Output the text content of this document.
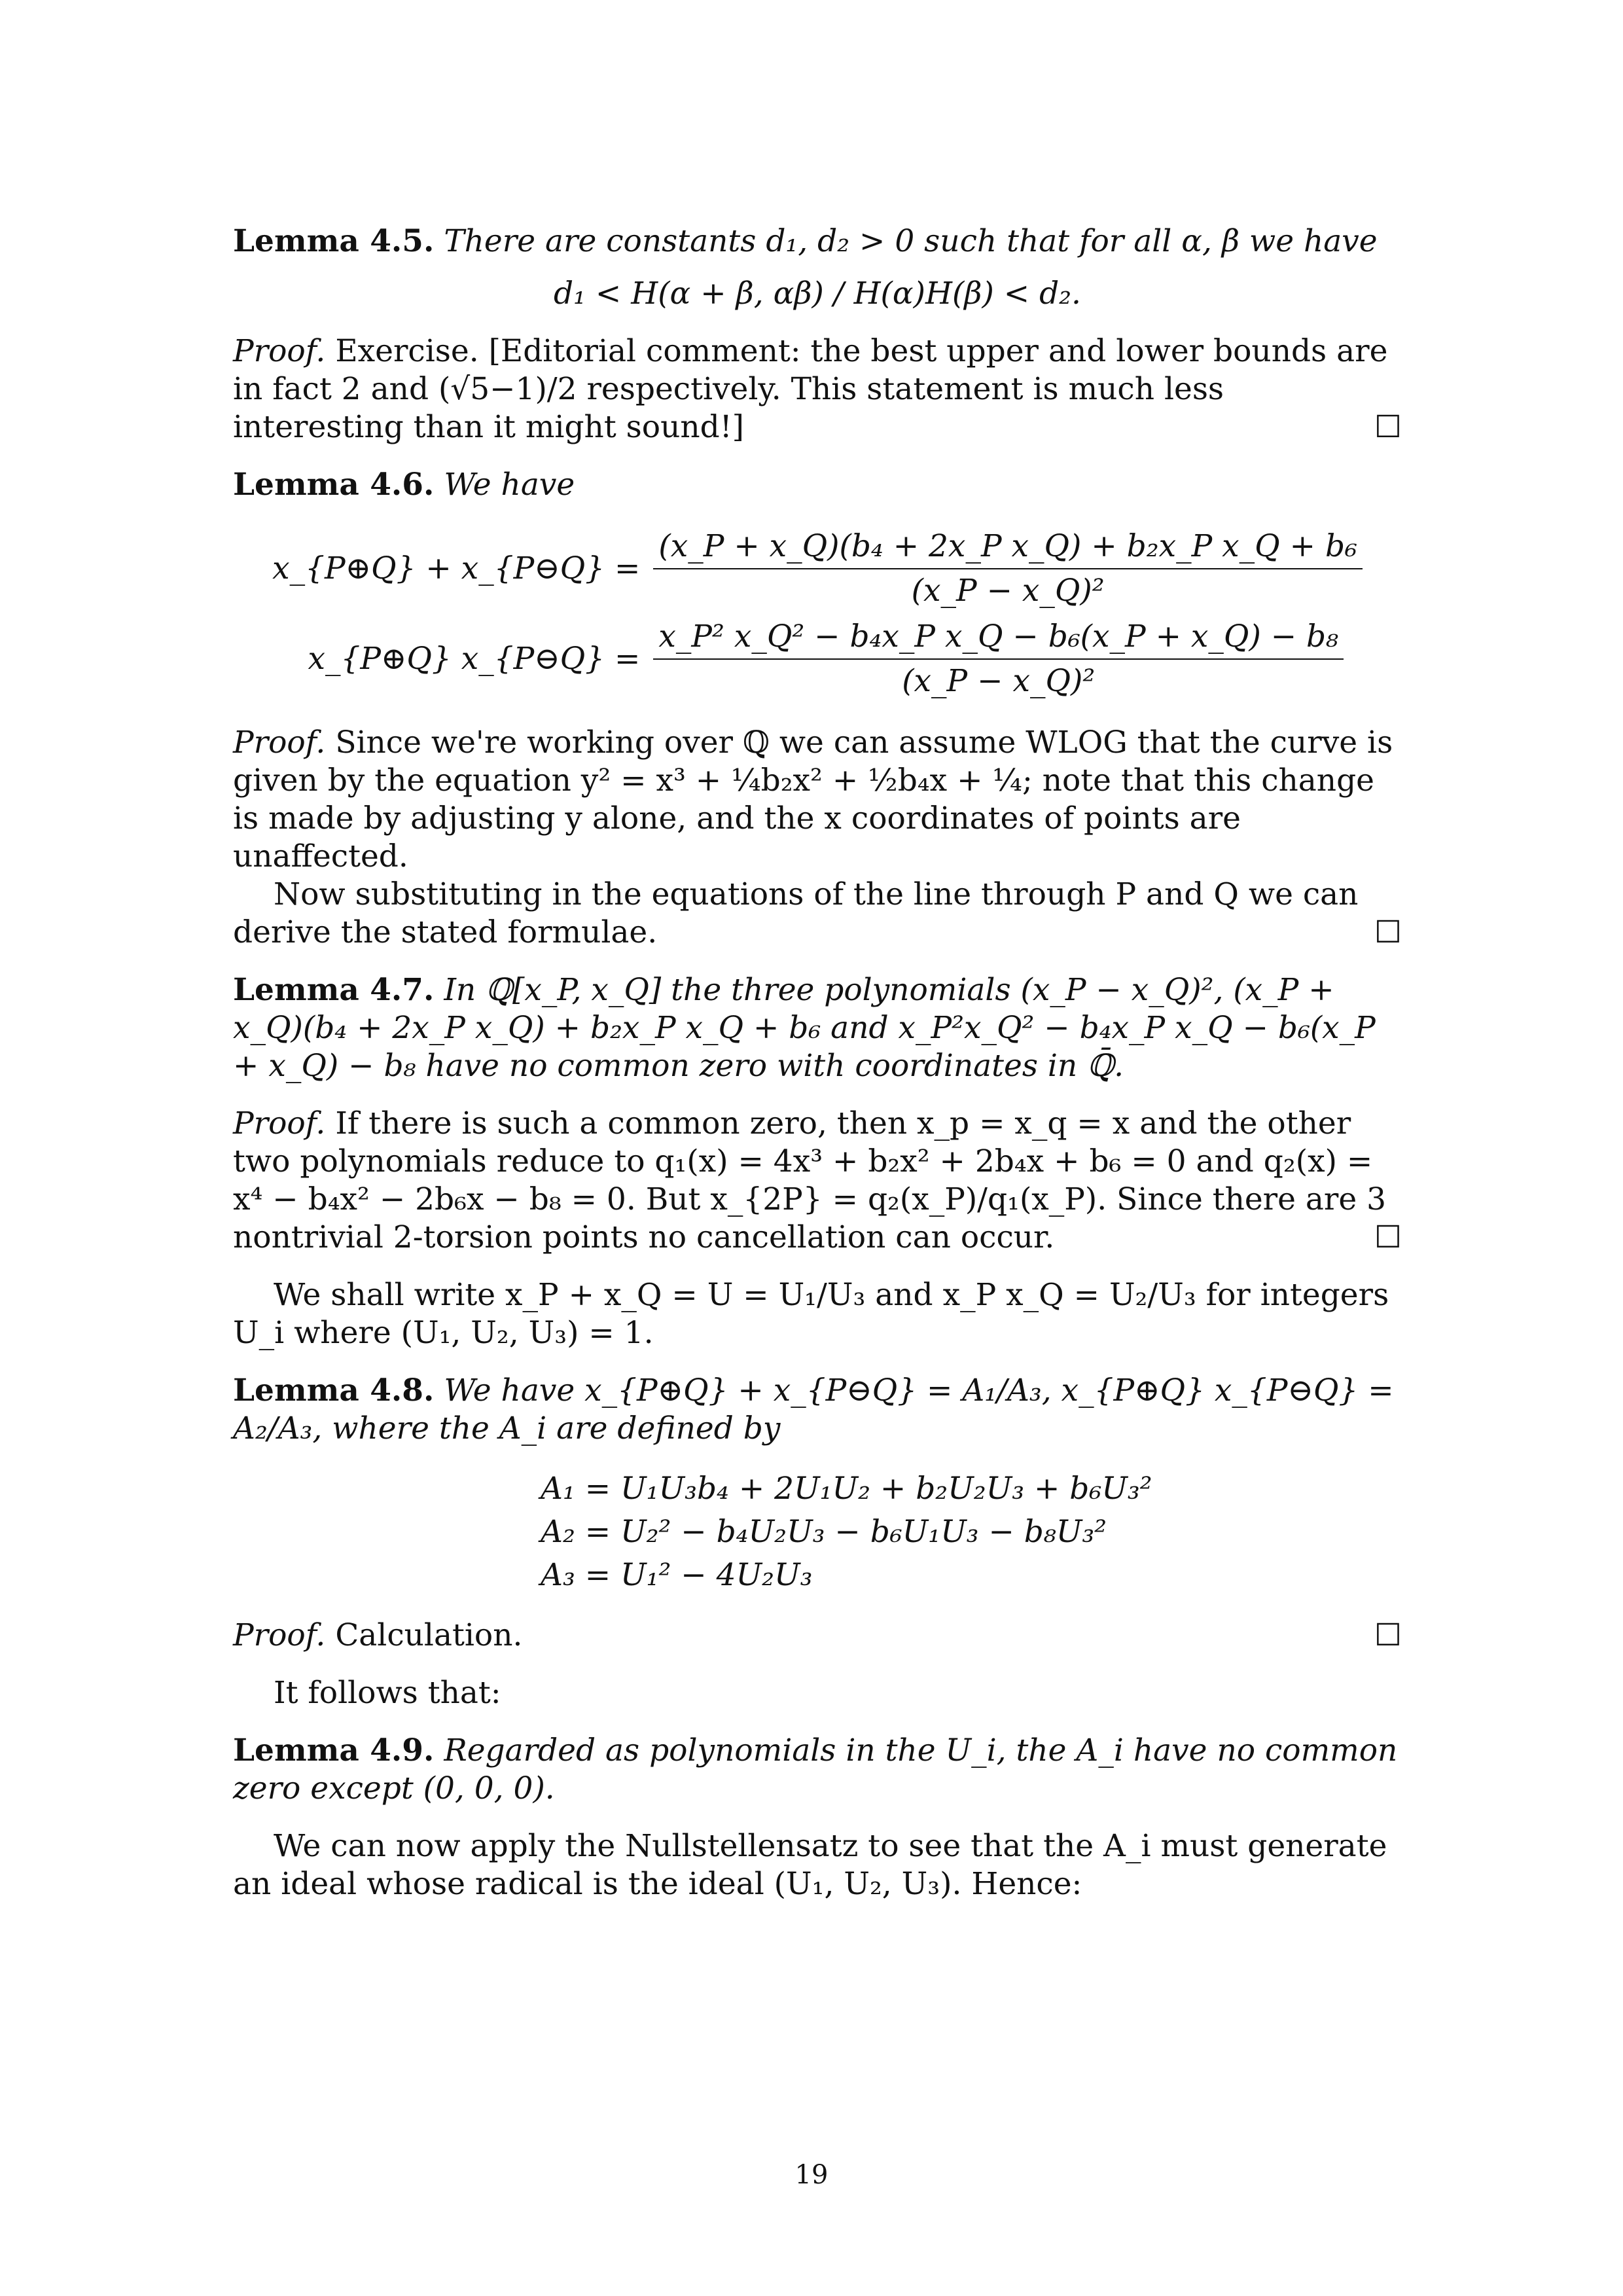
Lemma 4.5. There are constants d₁, d₂ > 0 such that for all α, β we have

d₁ < H(α + β, αβ) / H(α)H(β) < d₂.

Proof. Exercise. [Editorial comment: the best upper and lower bounds are in fact 2 and (√5−1)/2 respectively. This statement is much less interesting than it might sound!]	☐

Lemma 4.6. We have

x_{P⊕Q} + x_{P⊖Q} =	$\frac{\text{(x\_P + x\_Q)(b₄ + 2x\_P x\_Q) + b₂x\_P x\_Q + b₆}}{\text{(x\_P − x\_Q)²}}$

x_{P⊕Q} x_{P⊖Q} =	$\frac{\text{x\_P² x\_Q² − b₄x\_P x\_Q − b₆(x\_P + x\_Q) − b₈}}{\text{(x\_P − x\_Q)²}}$

Proof. Since we're working over ℚ we can assume WLOG that the curve is given by the equation y² = x³ + ¼b₂x² + ½b₄x + ¼; note that this change is made by adjusting y alone, and the x coordinates of points are unaffected.

Now substituting in the equations of the line through P and Q we can derive the stated formulae.	☐

Lemma 4.7. In ℚ[x_P, x_Q] the three polynomials (x_P − x_Q)², (x_P + x_Q)(b₄ + 2x_P x_Q) + b₂x_P x_Q + b₆ and x_P²x_Q² − b₄x_P x_Q − b₆(x_P + x_Q) − b₈ have no common zero with coordinates in ℚ̄.

Proof. If there is such a common zero, then x_p = x_q = x and the other two polynomials reduce to q₁(x) = 4x³ + b₂x² + 2b₄x + b₆ = 0 and q₂(x) = x⁴ − b₄x² − 2b₆x − b₈ = 0. But x_{2P} = q₂(x_P)/q₁(x_P). Since there are 3 nontrivial 2-torsion points no cancellation can occur.	☐

We shall write x_P + x_Q = U = U₁/U₃ and x_P x_Q = U₂/U₃ for integers U_i where (U₁, U₂, U₃) = 1.

Lemma 4.8. We have x_{P⊕Q} + x_{P⊖Q} = A₁/A₃, x_{P⊕Q} x_{P⊖Q} = A₂/A₃, where the A_i are defined by

A₁ = U₁U₃b₄ + 2U₁U₂ + b₂U₂U₃ + b₆U₃²
A₂ = U₂² − b₄U₂U₃ − b₆U₁U₃ − b₈U₃²
A₃ = U₁² − 4U₂U₃

Proof. Calculation.	☐

It follows that:

Lemma 4.9. Regarded as polynomials in the U_i, the A_i have no common zero except (0, 0, 0).

We can now apply the Nullstellensatz to see that the A_i must generate an ideal whose radical is the ideal (U₁, U₂, U₃). Hence:

19
